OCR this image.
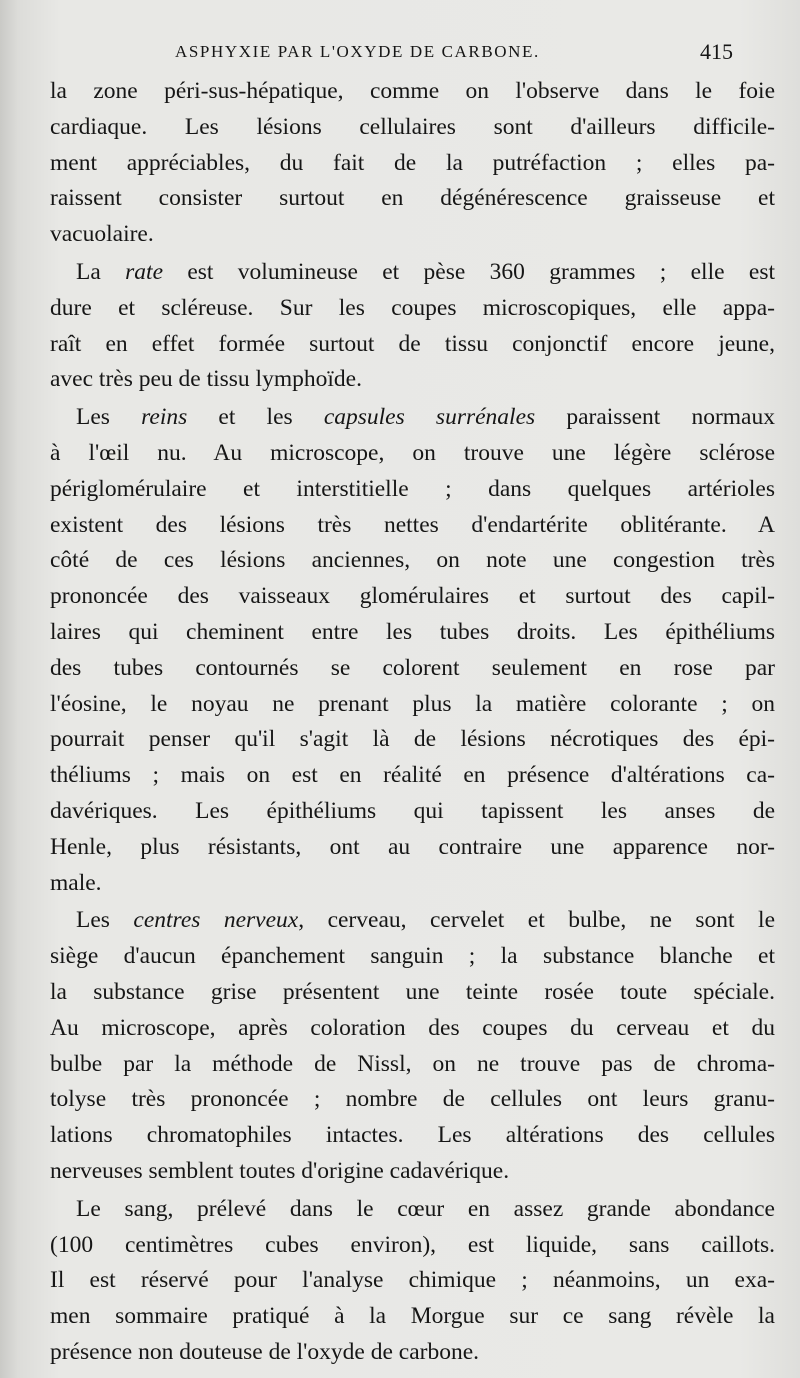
ASPHYXIE PAR L'OXYDE DE CARBONE.	415
la zone péri-sus-hépatique, comme on l'observe dans le foie
cardiaque. Les lésions cellulaires sont d'ailleurs difficile-
ment appréciables, du fait de la putréfaction ; elles pa-
raissent consister surtout en dégénérescence graisseuse et
vacuolaire.
La rate est volumineuse et pèse 360 grammes ; elle est
dure et scléreuse. Sur les coupes microscopiques, elle appa-
raît en effet formée surtout de tissu conjonctif encore jeune,
avec très peu de tissu lymphoïde.
Les reins et les capsules surrénales paraissent normaux
à l'œil nu. Au microscope, on trouve une légère sclérose
périglomérulaire et interstitielle ; dans quelques artérioles
existent des lésions très nettes d'endartérite oblitérante. A
côté de ces lésions anciennes, on note une congestion très
prononcée des vaisseaux glomérulaires et surtout des capil-
laires qui cheminent entre les tubes droits. Les épithéliums
des tubes contournés se colorent seulement en rose par
l'éosine, le noyau ne prenant plus la matière colorante ; on
pourrait penser qu'il s'agit là de lésions nécrotiques des épi-
théliums ; mais on est en réalité en présence d'altérations ca-
davériques. Les épithéliums qui tapissent les anses de
Henle, plus résistants, ont au contraire une apparence nor-
male.
Les centres nerveux, cerveau, cervelet et bulbe, ne sont le
siège d'aucun épanchement sanguin ; la substance blanche et
la substance grise présentent une teinte rosée toute spéciale.
Au microscope, après coloration des coupes du cerveau et du
bulbe par la méthode de Nissl, on ne trouve pas de chroma-
tolyse très prononcée ; nombre de cellules ont leurs granu-
lations chromatophiles intactes. Les altérations des cellules
nerveuses semblent toutes d'origine cadavérique.
Le sang, prélevé dans le cœur en assez grande abondance
(100 centimètres cubes environ), est liquide, sans caillots.
Il est réservé pour l'analyse chimique ; néanmoins, un exa-
men sommaire pratiqué à la Morgue sur ce sang révèle la
présence non douteuse de l'oxyde de carbone.
